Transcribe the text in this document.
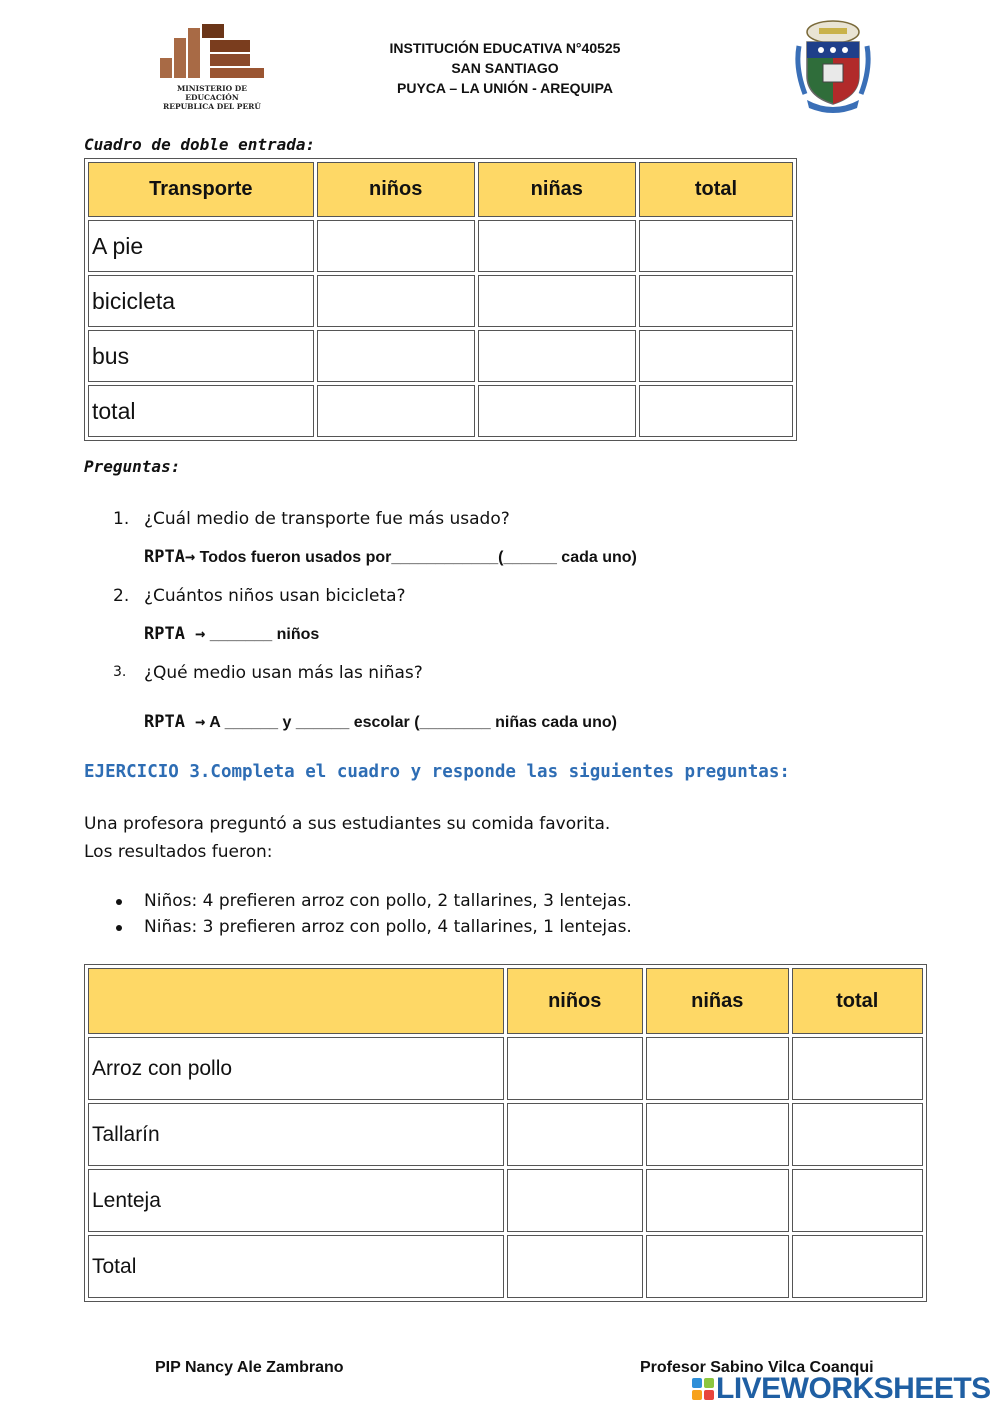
MINISTERIO DE EDUCACIÓN
REPUBLICA DEL PERÚ
INSTITUCIÓN EDUCATIVA N°40525
SAN SANTIAGO
PUYCA – LA UNIÓN - AREQUIPA
Cuadro de doble entrada:
Transporte	niños	niñas	total
A pie			
bicicleta			
bus			
total			
Preguntas:
1. ¿Cuál medio de transporte fue más usado?
RPTA→ Todos fueron usados por____________(______ cada uno)
2. ¿Cuántos niños usan bicicleta?
RPTA → _______ niños
3. ¿Qué medio usan más las niñas?
RPTA → A ______ y ______ escolar (________ niñas cada uno)
EJERCICIO 3.Completa el cuadro y responde las siguientes preguntas:
Una profesora preguntó a sus estudiantes su comida favorita.
Los resultados fueron:
Niños: 4 prefieren arroz con pollo, 2 tallarines, 3 lentejas.
Niñas: 3 prefieren arroz con pollo, 4 tallarines, 1 lentejas.
	niños	niñas	total
Arroz con pollo			
Tallarín			
Lenteja			
Total			
PIP Nancy Ale Zambrano	Profesor Sabino Vilca Coanqui
LIVEWORKSHEETS
